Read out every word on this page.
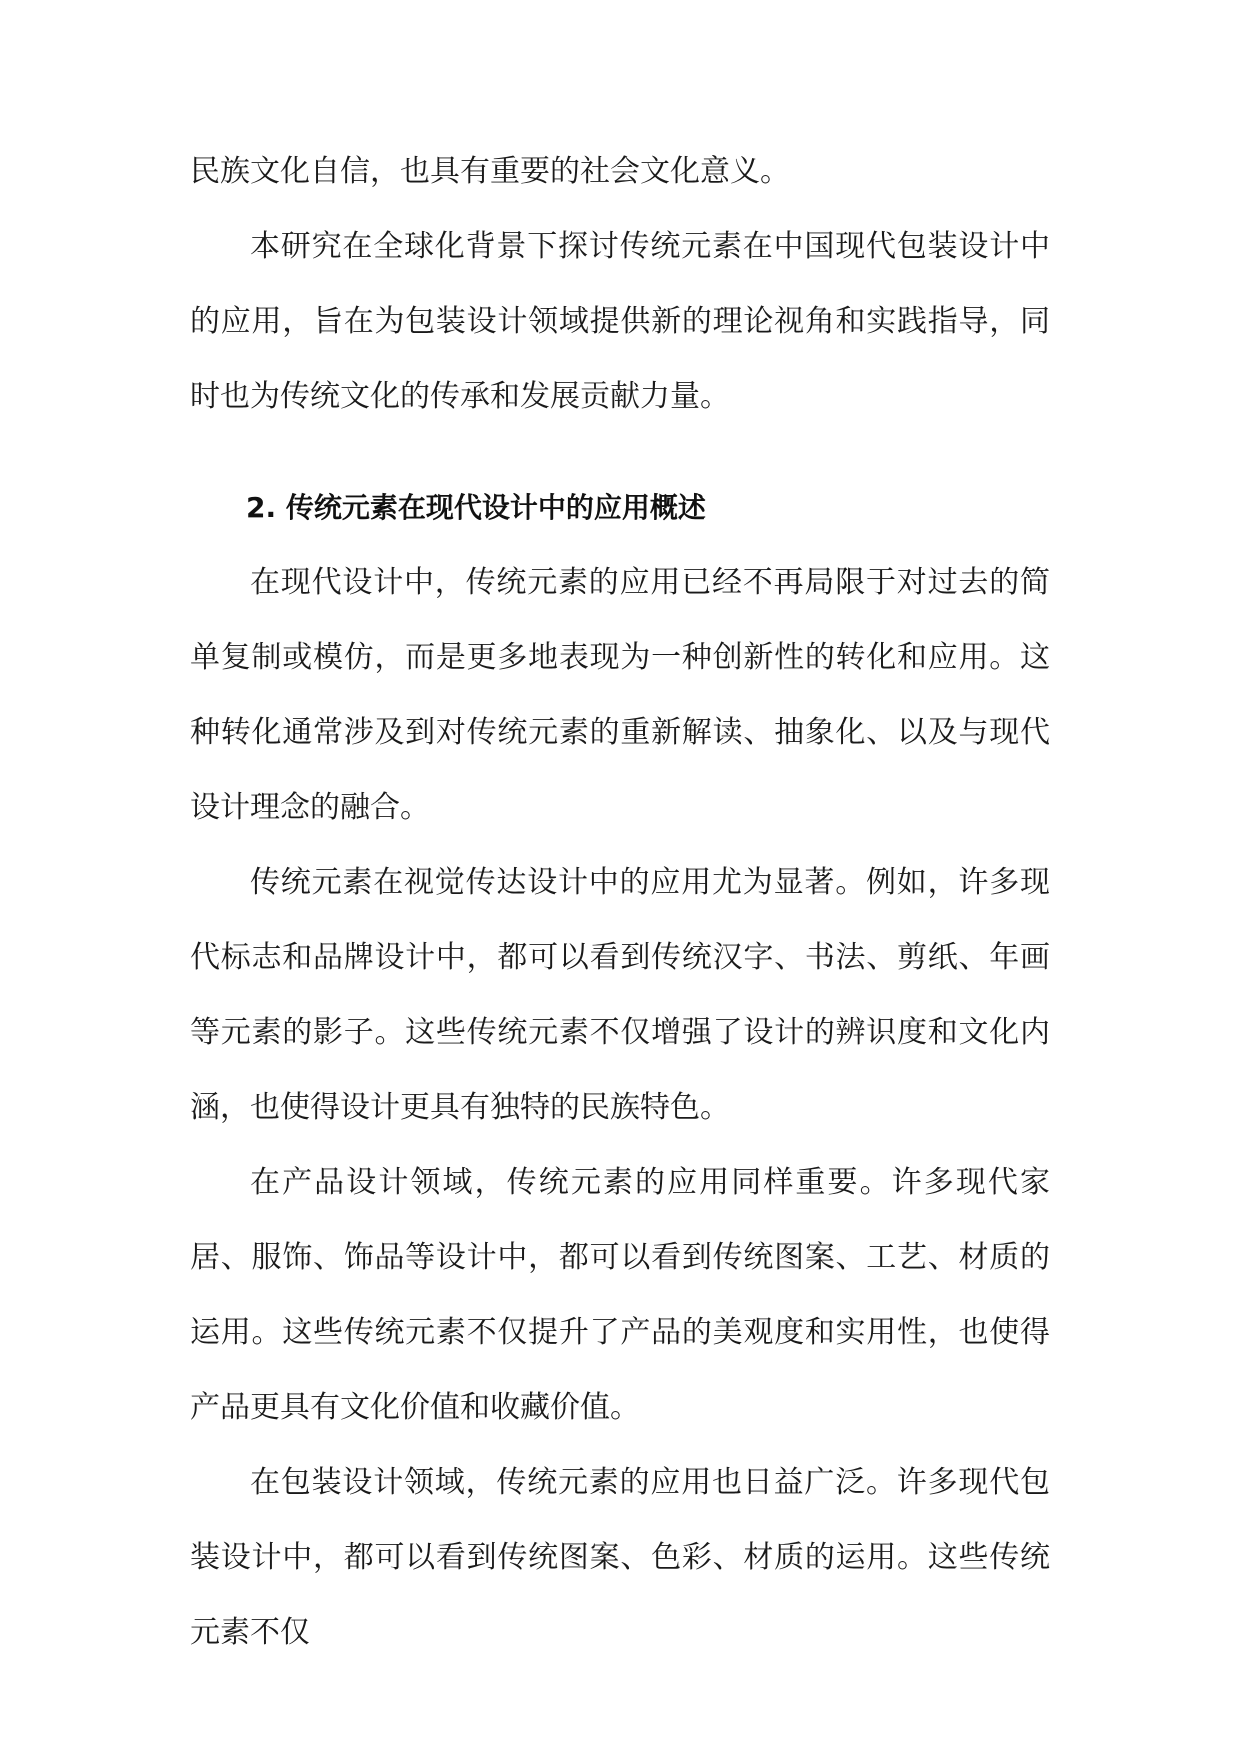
民族文化自信，也具有重要的社会文化意义。

本研究在全球化背景下探讨传统元素在中国现代包装设计中的应用，旨在为包装设计领域提供新的理论视角和实践指导，同时也为传统文化的传承和发展贡献力量。

2. 传统元素在现代设计中的应用概述

在现代设计中，传统元素的应用已经不再局限于对过去的简单复制或模仿，而是更多地表现为一种创新性的转化和应用。这种转化通常涉及到对传统元素的重新解读、抽象化、以及与现代设计理念的融合。

传统元素在视觉传达设计中的应用尤为显著。例如，许多现代标志和品牌设计中，都可以看到传统汉字、书法、剪纸、年画等元素的影子。这些传统元素不仅增强了设计的辨识度和文化内涵，也使得设计更具有独特的民族特色。

在产品设计领域，传统元素的应用同样重要。许多现代家居、服饰、饰品等设计中，都可以看到传统图案、工艺、材质的运用。这些传统元素不仅提升了产品的美观度和实用性，也使得产品更具有文化价值和收藏价值。

在包装设计领域，传统元素的应用也日益广泛。许多现代包装设计中，都可以看到传统图案、色彩、材质的运用。这些传统元素不仅
